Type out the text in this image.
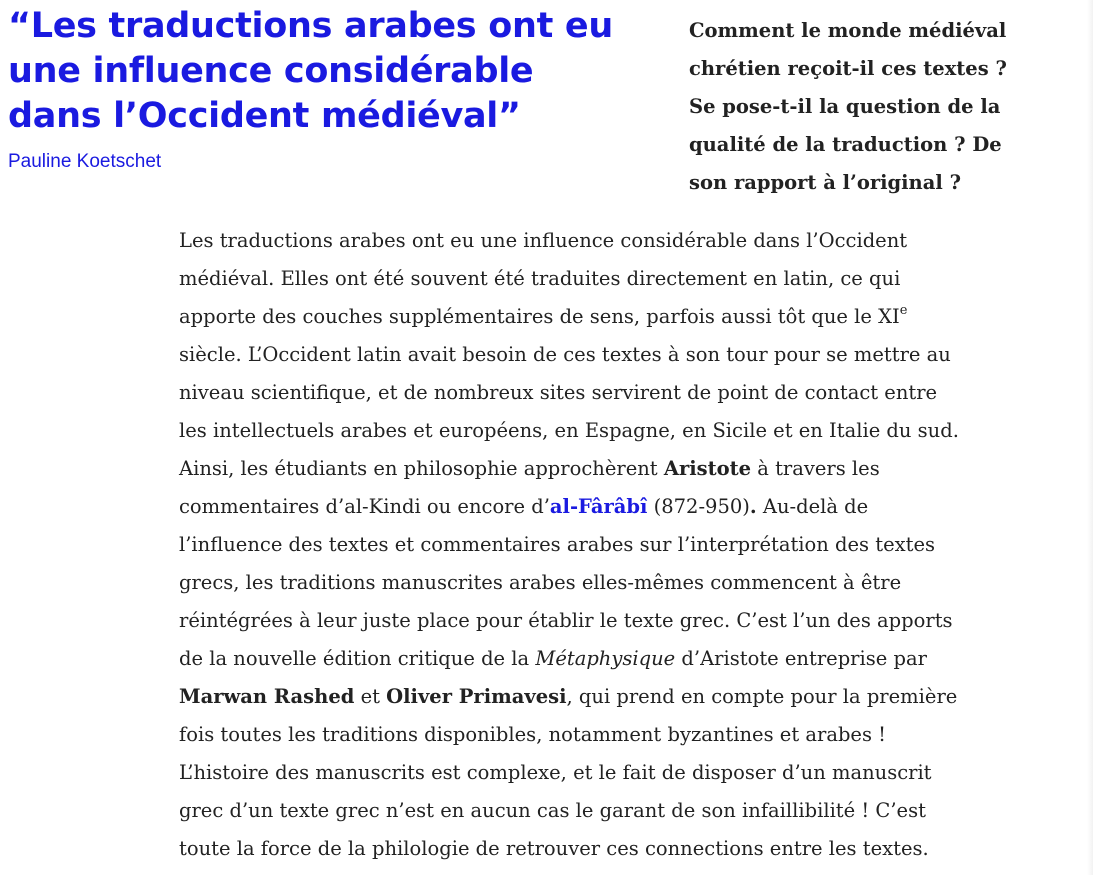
“Les traductions arabes ont eu
une influence considérable
dans l’Occident médiéval”
Pauline Koetschet
Comment le monde médiéval
chrétien reçoit-il ces textes ?
Se pose-t-il la question de la
qualité de la traduction ? De
son rapport à l’original ?

Les traductions arabes ont eu une influence considérable dans l’Occident
médiéval. Elles ont été souvent été traduites directement en latin, ce qui
apporte des couches supplémentaires de sens, parfois aussi tôt que le XIe
siècle. L’Occident latin avait besoin de ces textes à son tour pour se mettre au
niveau scientifique, et de nombreux sites servirent de point de contact entre
les intellectuels arabes et européens, en Espagne, en Sicile et en Italie du sud.
Ainsi, les étudiants en philosophie approchèrent Aristote à travers les
commentaires d’al-Kindi ou encore d’al-Fârâbî (872-950). Au-delà de
l’influence des textes et commentaires arabes sur l’interprétation des textes
grecs, les traditions manuscrites arabes elles-mêmes commencent à être
réintégrées à leur juste place pour établir le texte grec. C’est l’un des apports
de la nouvelle édition critique de la Métaphysique d’Aristote entreprise par
Marwan Rashed et Oliver Primavesi, qui prend en compte pour la première
fois toutes les traditions disponibles, notamment byzantines et arabes !
L’histoire des manuscrits est complexe, et le fait de disposer d’un manuscrit
grec d’un texte grec n’est en aucun cas le garant de son infaillibilité ! C’est
toute la force de la philologie de retrouver ces connections entre les textes.
